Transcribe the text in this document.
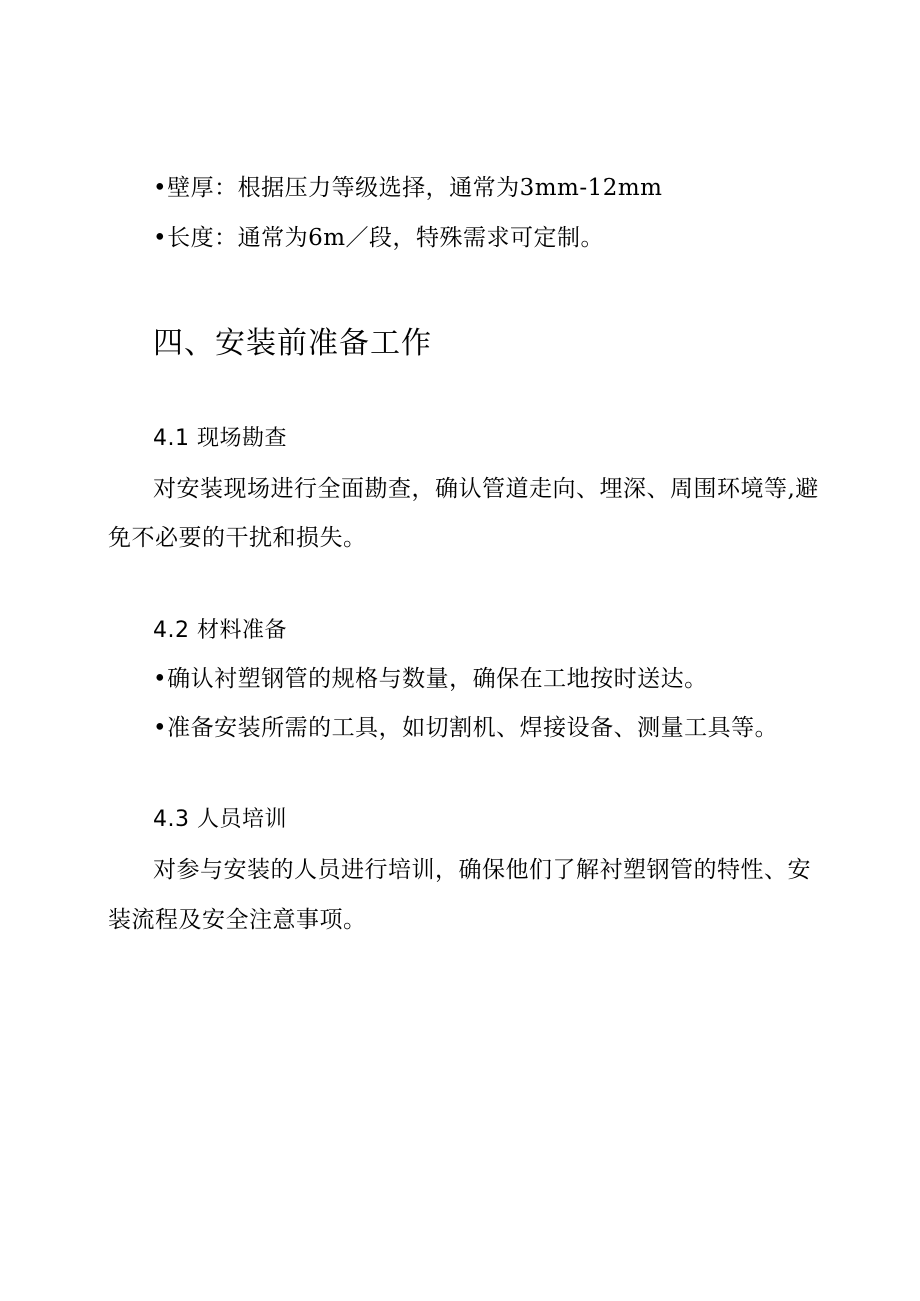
•壁厚：根据压力等级选择，通常为3mm-12mm
•长度：通常为6m／段，特殊需求可定制。
四、安装前准备工作
4.1 现场勘查
对安装现场进行全面勘查，确认管道走向、埋深、周围环境等,避
免不必要的干扰和损失。
4.2 材料准备
•确认衬塑钢管的规格与数量，确保在工地按时送达。
•准备安装所需的工具，如切割机、焊接设备、测量工具等。
4.3 人员培训
对参与安装的人员进行培训，确保他们了解衬塑钢管的特性、安
装流程及安全注意事项。
